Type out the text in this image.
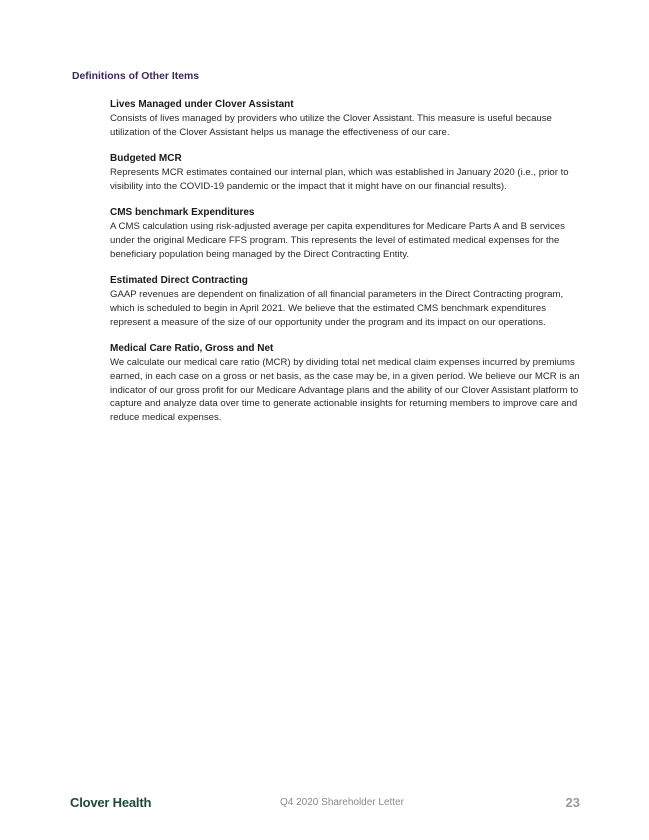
Definitions of Other Items

Lives Managed under Clover Assistant

Consists of lives managed by providers who utilize the Clover Assistant. This measure is useful because utilization of the Clover Assistant helps us manage the effectiveness of our care.

Budgeted MCR

Represents MCR estimates contained our internal plan, which was established in January 2020 (i.e., prior to visibility into the COVID-19 pandemic or the impact that it might have on our financial results).

CMS benchmark Expenditures

A CMS calculation using risk-adjusted average per capita expenditures for Medicare Parts A and B services under the original Medicare FFS program. This represents the level of estimated medical expenses for the beneficiary population being managed by the Direct Contracting Entity.

Estimated Direct Contracting

GAAP revenues are dependent on finalization of all financial parameters in the Direct Contracting program, which is scheduled to begin in April 2021. We believe that the estimated CMS benchmark expenditures represent a measure of the size of our opportunity under the program and its impact on our operations.

Medical Care Ratio, Gross and Net

We calculate our medical care ratio (MCR) by dividing total net medical claim expenses incurred by premiums earned, in each case on a gross or net basis, as the case may be, in a given period. We believe our MCR is an indicator of our gross profit for our Medicare Advantage plans and the ability of our Clover Assistant platform to capture and analyze data over time to generate actionable insights for returning members to improve care and reduce medical expenses.

Clover Health	Q4 2020 Shareholder Letter	23
